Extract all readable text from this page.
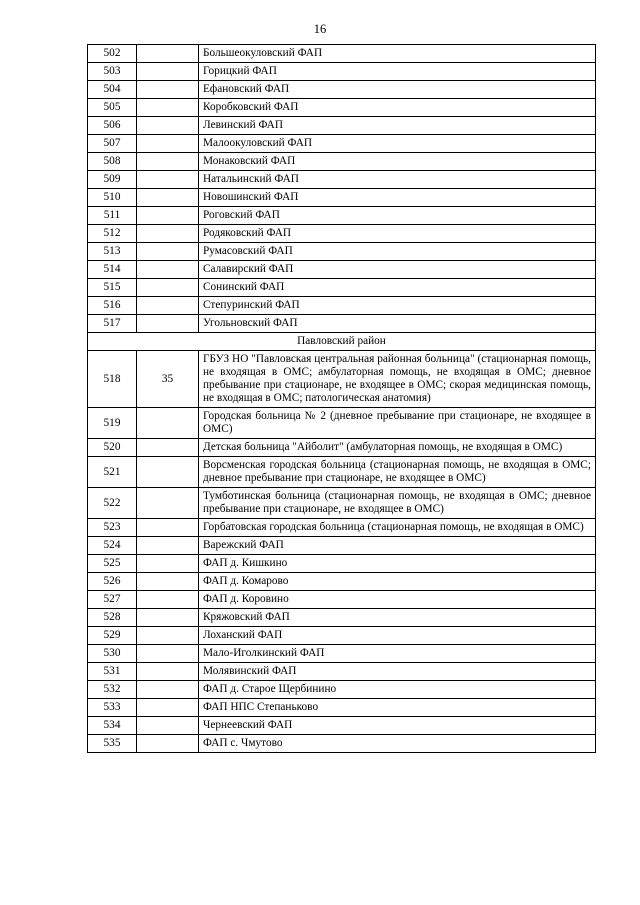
16
502		Большеокуловский ФАП
503		Горицкий ФАП
504		Ефановский ФАП
505		Коробковский ФАП
506		Левинский ФАП
507		Малоокуловский ФАП
508		Монаковский ФАП
509		Натальинский ФАП
510		Новошинский ФАП
511		Роговский ФАП
512		Родяковский ФАП
513		Румасовский ФАП
514		Салавирский ФАП
515		Сонинский ФАП
516		Степуринский ФАП
517		Угольновский ФАП
Павловский район		
518	35	ГБУЗ НО "Павловская центральная районная больница" (стационарная помощь, не входящая в ОМС; амбулаторная помощь, не входящая в ОМС; дневное пребывание при стационаре, не входящее в ОМС; скорая медицинская помощь, не входящая в ОМС; патологическая анатомия)
519		Городская больница № 2 (дневное пребывание при стационаре, не входящее в ОМС)
520		Детская больница "Айболит" (амбулаторная помощь, не входящая в ОМС)
521		Ворсменская городская больница (стационарная помощь, не входящая в ОМС; дневное пребывание при стационаре, не входящее в ОМС)
522		Тумботинская больница (стационарная помощь, не входящая в ОМС; дневное пребывание при стационаре, не входящее в ОМС)
523		Горбатовская городская больница (стационарная помощь, не входящая в ОМС)
524		Варежский ФАП
525		ФАП д. Кишкино
526		ФАП д. Комарово
527		ФАП д. Коровино
528		Кряжовский ФАП
529		Лоханский ФАП
530		Мало-Иголкинский ФАП
531		Молявинский ФАП
532		ФАП д. Старое Щербинино
533		ФАП НПС Степаньково
534		Чернеевский ФАП
535		ФАП с. Чмутово
